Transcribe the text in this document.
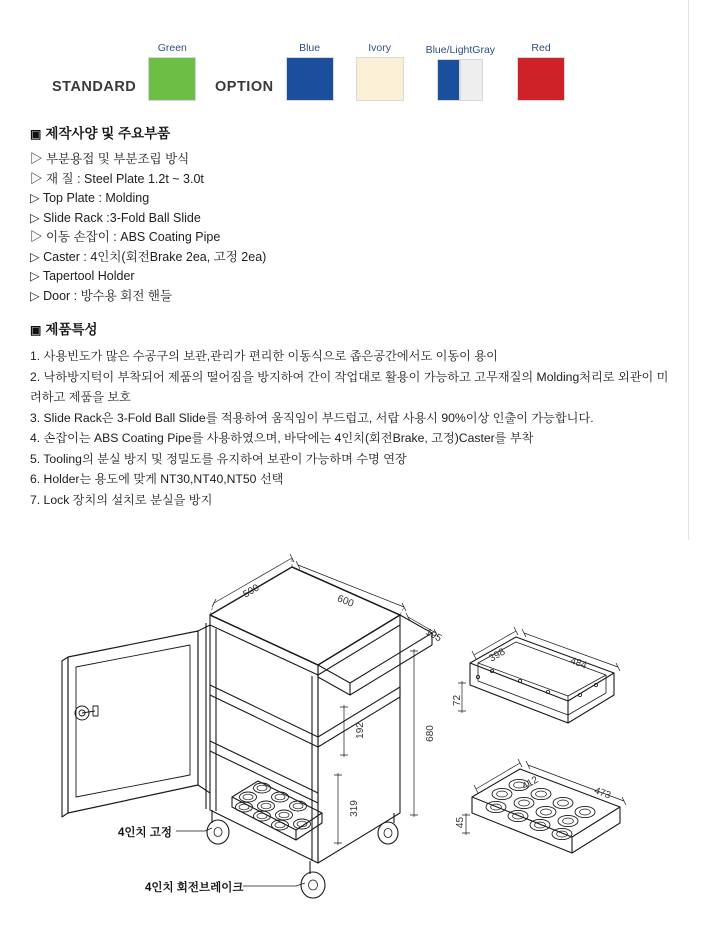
STANDARD
Green
OPTION
Blue	Ivory	Blue/LightGray	Red
▣ 제작사양 및 주요부품
▷ 부분용접 및 부분조립 방식
▷ 재 질 : Steel Plate 1.2t ~ 3.0t
▷ Top Plate : Molding
▷ Slide Rack :3-Fold Ball Slide
▷ 이동 손잡이 : ABS Coating Pipe
▷ Caster : 4인치(회전Brake 2ea, 고정 2ea)
▷ Tapertool Holder
▷ Door : 방수용 회전 핸들
▣ 제품특성
1. 사용빈도가 많은 수공구의 보관,관리가 편리한 이동식으로 좁은공간에서도 이동이 용이
2. 낙하방지턱이 부착되어 제품의 떨어짐을 방지하여 간이 작업대로 활용이 가능하고 고무재질의 Molding처리로 외관이 미려하고 제품을 보호
3. Slide Rack은 3-Fold Ball Slide를 적용하여 움직임이 부드럽고, 서랍 사용시 90%이상 인출이 가능합니다.
4. 손잡이는 ABS Coating Pipe를 사용하였으며, 바닥에는 4인치(회전Brake, 고정)Caster를 부착
5. Tooling의 분실 방지 및 정밀도를 유지하여 보관이 가능하며 수명 연장
6. Holder는 용도에 맞게 NT30,NT40,NT50 선택
7. Lock 장치의 설치로 분실을 방지
500
600
195
398	484
72
192
319
680
412
473
45
4인치 고정
4인치 회전브레이크
